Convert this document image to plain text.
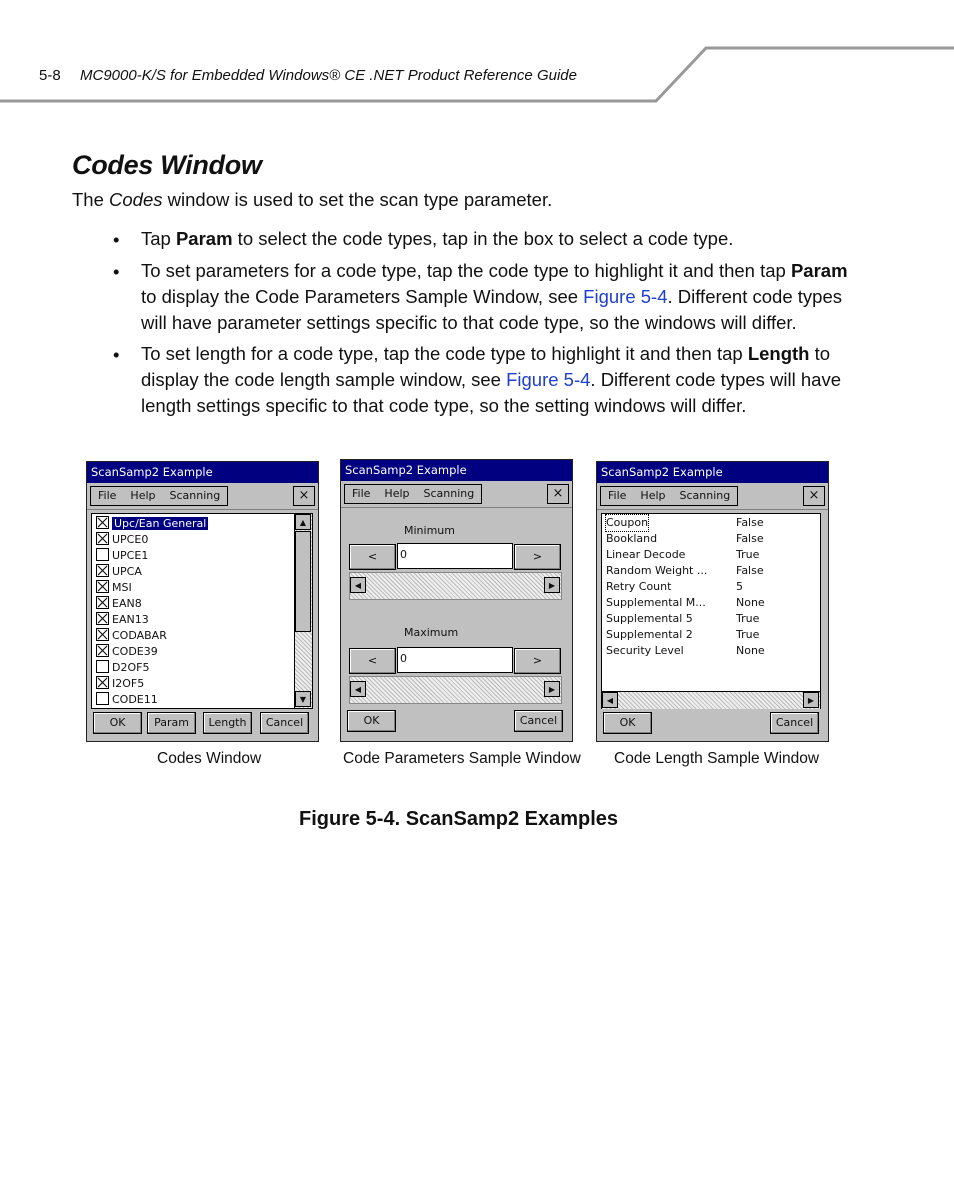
5-8 MC9000-K/S for Embedded Windows® CE .NET Product Reference Guide
Codes Window
The Codes window is used to set the scan type parameter.
• Tap Param to select the code types, tap in the box to select a code type.
• To set parameters for a code type, tap the code type to highlight it and then tap Param to display the Code Parameters Sample Window, see Figure 5-4. Different code types will have parameter settings specific to that code type, so the windows will differ.
• To set length for a code type, tap the code type to highlight it and then tap Length to display the code length sample window, see Figure 5-4. Different code types will have length settings specific to that code type, so the setting windows will differ.
ScanSamp2 Example
File	Help	Scanning	×
Upc/Ean General
UPCE0
UPCE1
UPCA
MSI
EAN8
EAN13
CODABAR
CODE39
D2OF5
I2OF5
CODE11
▲
▼
OK	Param	Length	Cancel
ScanSamp2 Example
File	Help	Scanning	×
Minimum
<	0	>
◀	▶
Maximum
<	0	>
◀	▶
OK	Cancel
ScanSamp2 Example
File	Help	Scanning	×
Coupon	False
Bookland	False
Linear Decode	True
Random Weight ...	False
Retry Count	5
Supplemental M...	None
Supplemental 5	True
Supplemental 2	True
Security Level	None
◀	▶
OK	Cancel
Codes Window	Code Parameters Sample Window Code Length Sample Window
Figure 5-4. ScanSamp2 Examples
